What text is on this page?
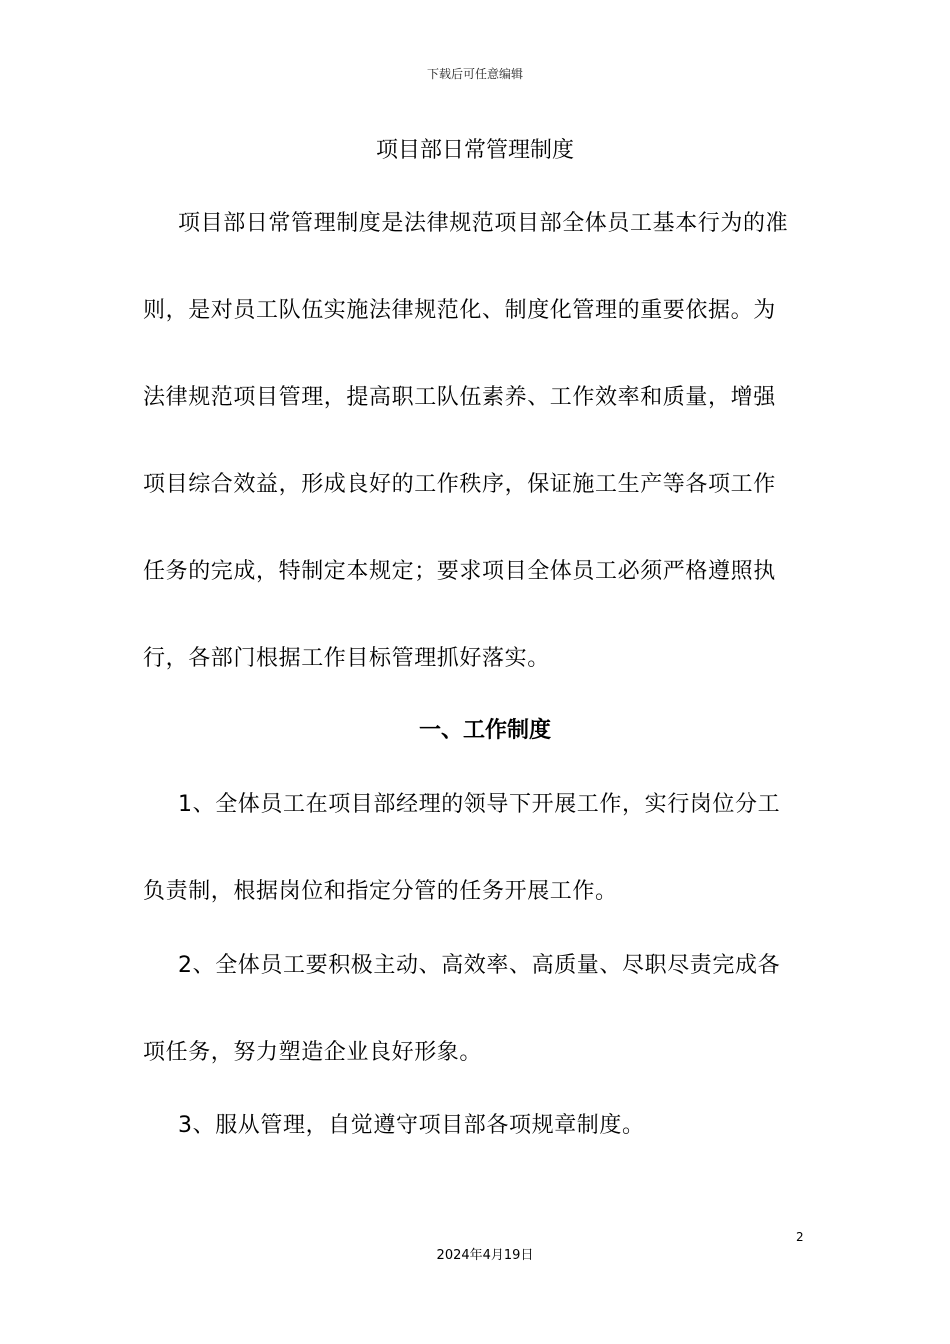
下载后可任意编辑
项目部日常管理制度
项目部日常管理制度是法律规范项目部全体员工基本行为的准
则，是对员工队伍实施法律规范化、制度化管理的重要依据。为
法律规范项目管理，提高职工队伍素养、工作效率和质量，增强
项目综合效益，形成良好的工作秩序，保证施工生产等各项工作
任务的完成，特制定本规定；要求项目全体员工必须严格遵照执
行，各部门根据工作目标管理抓好落实。
一、工作制度
1、全体员工在项目部经理的领导下开展工作，实行岗位分工
负责制，根据岗位和指定分管的任务开展工作。
2、全体员工要积极主动、高效率、高质量、尽职尽责完成各
项任务，努力塑造企业良好形象。
3、服从管理，自觉遵守项目部各项规章制度。
2
2024年4月19日
